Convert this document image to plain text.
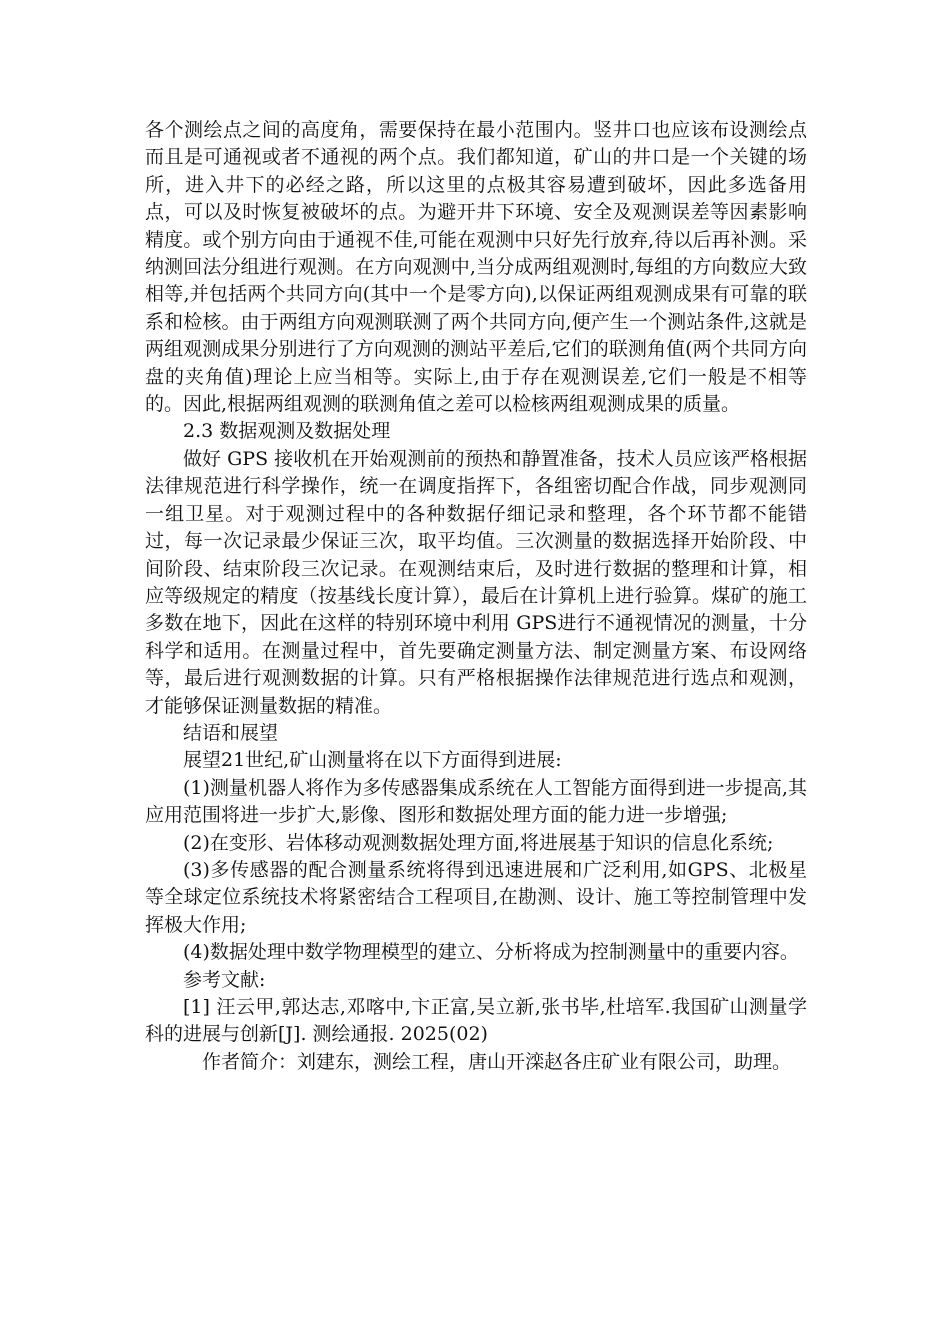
各个测绘点之间的高度角，需要保持在最小范围内。竖井口也应该布设测绘点而且是可通视或者不通视的两个点。我们都知道，矿山的井口是一个关键的场所，进入井下的必经之路，所以这里的点极其容易遭到破坏，因此多选备用点，可以及时恢复被破坏的点。为避开井下环境、安全及观测误差等因素影响精度。或个别方向由于通视不佳,可能在观测中只好先行放弃,待以后再补测。采纳测回法分组进行观测。在方向观测中,当分成两组观测时,每组的方向数应大致相等,并包括两个共同方向(其中一个是零方向),以保证两组观测成果有可靠的联系和检核。由于两组方向观测联测了两个共同方向,便产生一个测站条件,这就是两组观测成果分别进行了方向观测的测站平差后,它们的联测角值(两个共同方向盘的夹角值)理论上应当相等。实际上,由于存在观测误差,它们一般是不相等的。因此,根据两组观测的联测角值之差可以检核两组观测成果的质量。

2.3 数据观测及数据处理

做好 GPS 接收机在开始观测前的预热和静置准备，技术人员应该严格根据法律规范进行科学操作，统一在调度指挥下，各组密切配合作战，同步观测同一组卫星。对于观测过程中的各种数据仔细记录和整理，各个环节都不能错过，每一次记录最少保证三次，取平均值。三次测量的数据选择开始阶段、中间阶段、结束阶段三次记录。在观测结束后，及时进行数据的整理和计算，相应等级规定的精度（按基线长度计算），最后在计算机上进行验算。煤矿的施工多数在地下，因此在这样的特别环境中利用 GPS进行不通视情况的测量，十分科学和适用。在测量过程中，首先要确定测量方法、制定测量方案、布设网络等，最后进行观测数据的计算。只有严格根据操作法律规范进行选点和观测，才能够保证测量数据的精准。

结语和展望

展望21世纪,矿山测量将在以下方面得到进展:

(1)测量机器人将作为多传感器集成系统在人工智能方面得到进一步提高,其应用范围将进一步扩大,影像、图形和数据处理方面的能力进一步增强;

(2)在变形、岩体移动观测数据处理方面,将进展基于知识的信息化系统;

(3)多传感器的配合测量系统将得到迅速进展和广泛利用,如GPS、北极星等全球定位系统技术将紧密结合工程项目,在勘测、设计、施工等控制管理中发挥极大作用;

(4)数据处理中数学物理模型的建立、分析将成为控制测量中的重要内容。

参考文献:

[1] 汪云甲,郭达志,邓喀中,卞正富,吴立新,张书毕,杜培军.我国矿山测量学科的进展与创新[J]. 测绘通报. 2025(02)

作者简介：刘建东，测绘工程，唐山开滦赵各庄矿业有限公司，助理。
